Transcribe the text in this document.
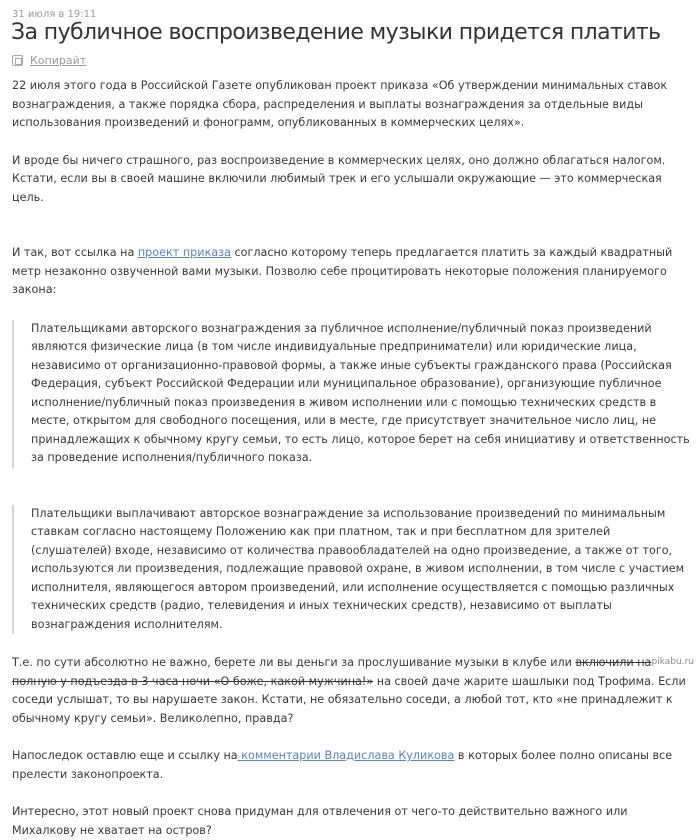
31 июля в 19:11
За публичное воспроизведение музыки придется платить
Копирайт

22 июля этого года в Российской Газете опубликован проект приказа «Об утверждении минимальных ставок вознаграждения, а также порядка сбора, распределения и выплаты вознаграждения за отдельные виды использования произведений и фонограмм, опубликованных в коммерческих целях».

И вроде бы ничего страшного, раз воспроизведение в коммерческих целях, оно должно облагаться налогом. Кстати, если вы в своей машине включили любимый трек и его услышали окружающие — это коммерческая цель.

И так, вот ссылка на проект приказа согласно которому теперь предлагается платить за каждый квадратный метр незаконно озвученной вами музыки. Позволю себе процитировать некоторые положения планируемого закона:

Плательщиками авторского вознаграждения за публичное исполнение/публичный показ произведений являются физические лица (в том числе индивидуальные предприниматели) или юридические лица, независимо от организационно-правовой формы, а также иные субъекты гражданского права (Российская Федерация, субъект Российской Федерации или муниципальное образование), организующие публичное исполнение/публичный показ произведения в живом исполнении или с помощью технических средств в месте, открытом для свободного посещения, или в месте, где присутствует значительное число лиц, не принадлежащих к обычному кругу семьи, то есть лицо, которое берет на себя инициативу и ответственность за проведение исполнения/публичного показа.

Плательщики выплачивают авторское вознаграждение за использование произведений по минимальным ставкам согласно настоящему Положению как при платном, так и при бесплатном для зрителей (слушателей) входе, независимо от количества правообладателей на одно произведение, а также от того, используются ли произведения, подлежащие правовой охране, в живом исполнении, в том числе с участием исполнителя, являющегося автором произведений, или исполнение осуществляется с помощью различных технических средств (радио, телевидения и иных технических средств), независимо от выплаты вознаграждения исполнителям.

Т.е. по сути абсолютно не важно, берете ли вы деньги за прослушивание музыки в клубе или включили на полную у подъезда в 3 часа ночи «О боже, какой мужчина!» на своей даче жарите шашлыки под Трофима. Если соседи услышат, то вы нарушаете закон. Кстати, не обязательно соседи, а любой тот, кто «не принадлежит к обычному кругу семьи». Великолепно, правда?

Напоследок оставлю еще и ссылку на комментарии Владислава Куликова в которых более полно описаны все прелести законопроекта.

Интересно, этот новый проект снова придуман для отвлечения от чего-то действительно важного или Михалкову не хватает на остров?

pikabu.ru
